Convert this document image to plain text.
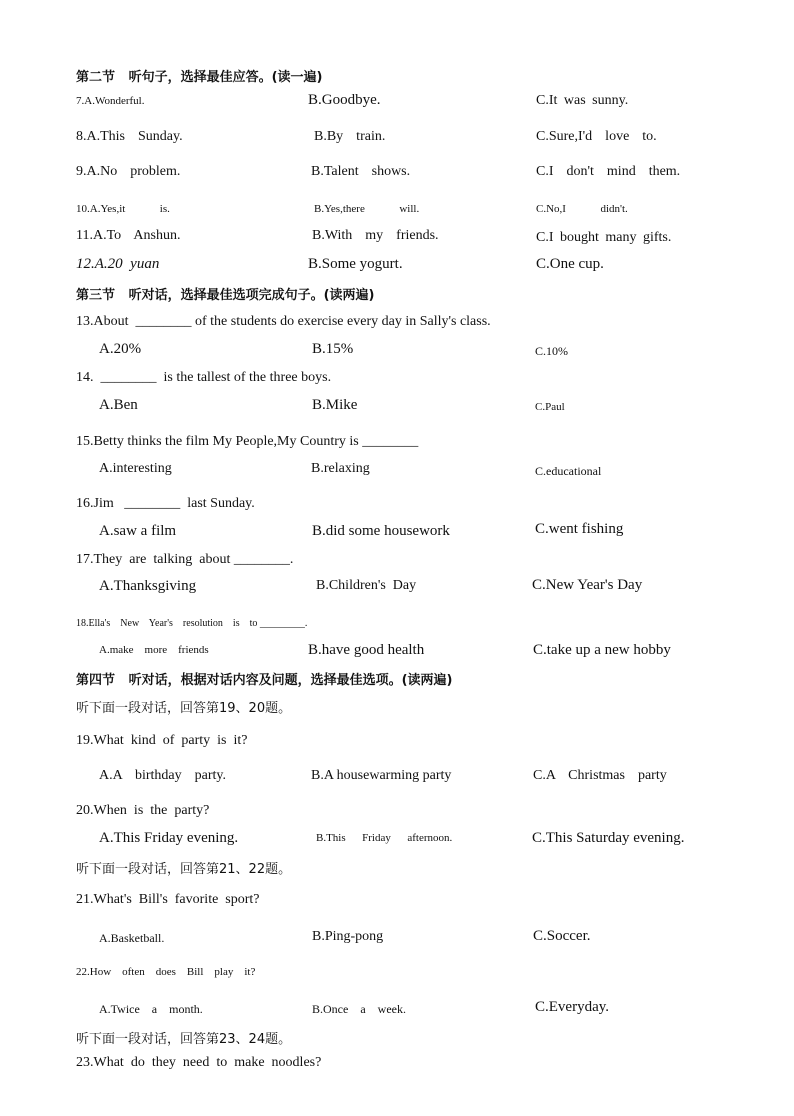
第二节   听句子，选择最佳应答。(读一遍)
7.A.Wonderful.	B.Goodbye.	C.It was sunny.
8.A.This  Sunday.	B.By  train.	C.Sure,I'd  love  to.
9.A.No  problem.	B.Talent  shows.	C.I  don't  mind  them.
10.A.Yes,it      is.	B.Yes,there      will.	C.No,I      didn't.
11.A.To  Anshun.	B.With  my  friends.	C.I bought many gifts.
12.A.20  yuan	B.Some yogurt.	C.One cup.
第三节   听对话，选择最佳选项完成句子。(读两遍)
13.About  ________ of the students do exercise every day in Sally's class.
A.20%	B.15%	C.10%
14.  ________  is the tallest of the three boys.
A.Ben	B.Mike	C.Paul
15.Betty thinks the film My People,My Country is ________
A.interesting	B.relaxing	C.educational
16.Jim   ________  last Sunday.
A.saw a film	B.did some housework	C.went fishing
17.They  are  talking  about ________.
A.Thanksgiving	B.Children's  Day	C.New Year's Day
18.Ella's    New    Year's    resolution    is    to _________.
A.make    more    friends	B.have good health	C.take up a new hobby
第四节   听对话，根据对话内容及问题，选择最佳选项。(读两遍)
听下面一段对话，回答第19、20题。
19.What  kind  of  party  is  it?
A.A  birthday  party.	B.A housewarming party	C.A  Christmas  party
20.When  is  the  party?
A.This Friday evening.	B.This      Friday      afternoon.	C.This Saturday evening.
听下面一段对话，回答第21、22题。
21.What's  Bill's  favorite  sport?
A.Basketball.	B.Ping-pong	C.Soccer.
22.How    often    does    Bill    play    it?
A.Twice    a    month.	B.Once    a    week.	C.Everyday.
听下面一段对话，回答第23、24题。
23.What  do  they  need  to  make  noodles?
